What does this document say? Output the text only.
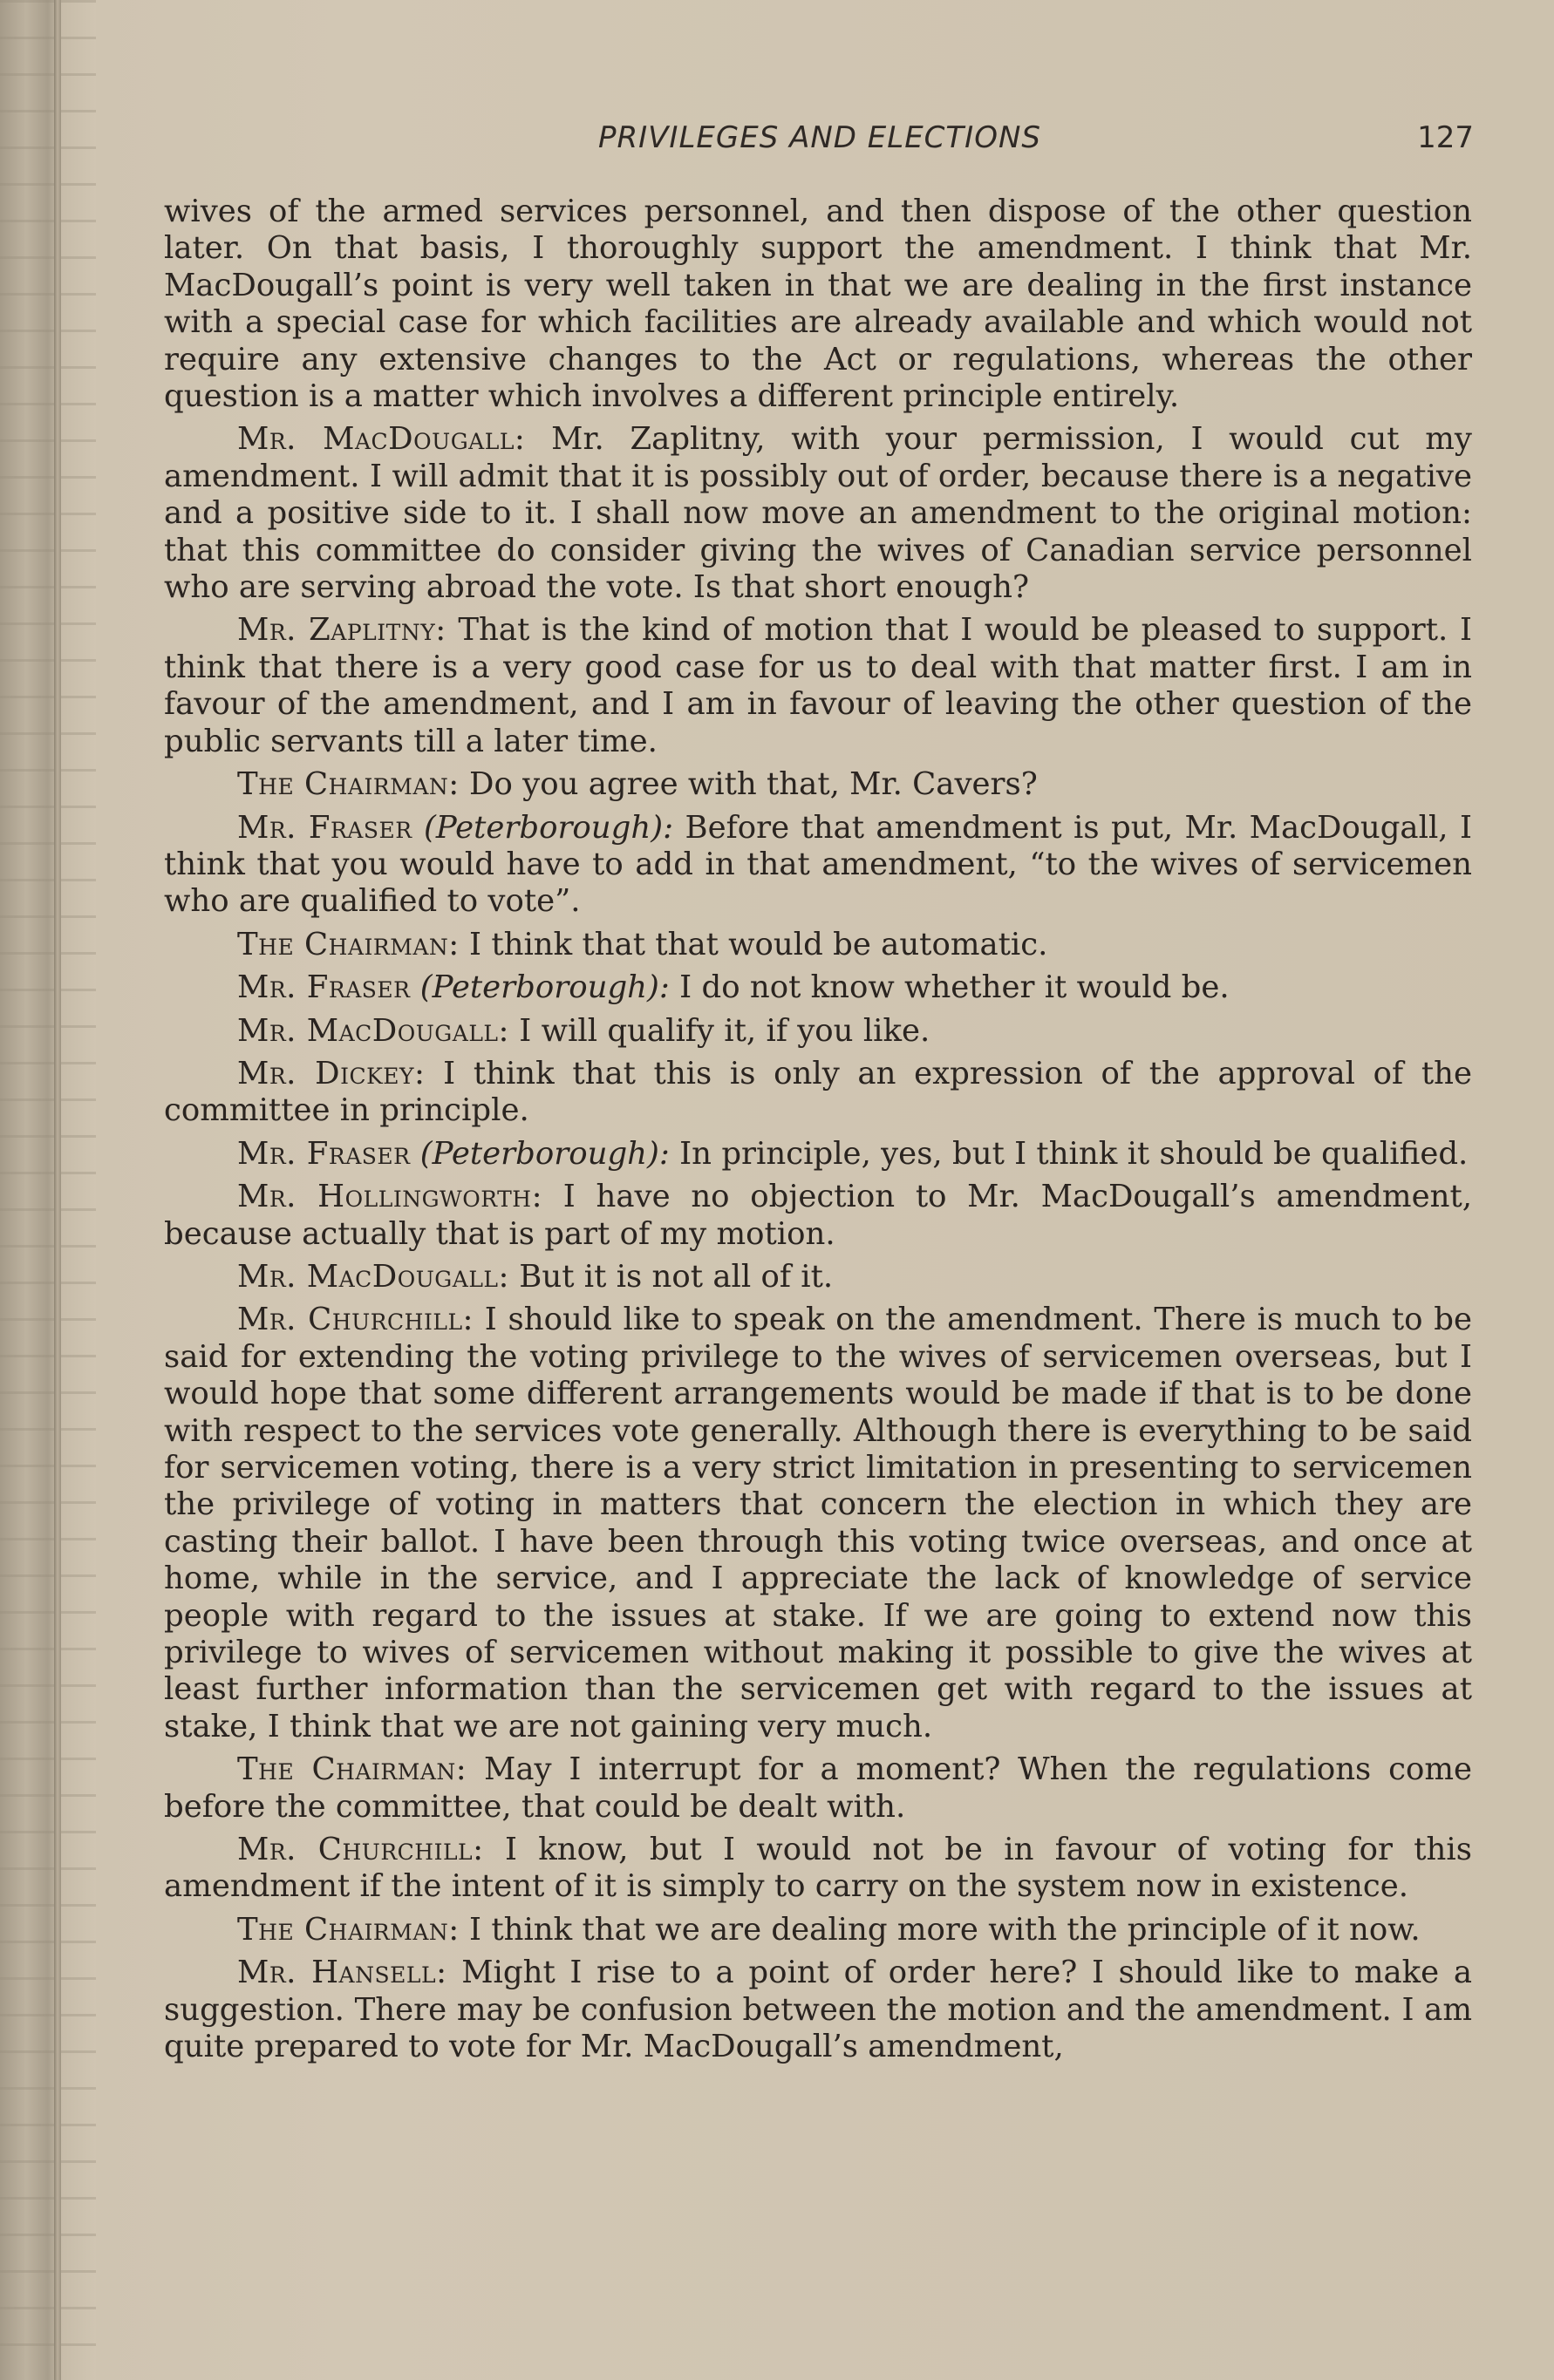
PRIVILEGES AND ELECTIONS	127

wives of the armed services personnel, and then dispose of the other question later. On that basis, I thoroughly support the amendment. I think that Mr. MacDougall’s point is very well taken in that we are dealing in the first instance with a special case for which facilities are already available and which would not require any extensive changes to the Act or regulations, whereas the other question is a matter which involves a different principle entirely.

Mr. MacDougall: Mr. Zaplitny, with your permission, I would cut my amendment. I will admit that it is possibly out of order, because there is a negative and a positive side to it. I shall now move an amendment to the original motion: that this committee do consider giving the wives of Canadian service personnel who are serving abroad the vote. Is that short enough?

Mr. Zaplitny: That is the kind of motion that I would be pleased to support. I think that there is a very good case for us to deal with that matter first. I am in favour of the amendment, and I am in favour of leaving the other question of the public servants till a later time.

The Chairman: Do you agree with that, Mr. Cavers?

Mr. Fraser (Peterborough): Before that amendment is put, Mr. MacDougall, I think that you would have to add in that amendment, “to the wives of servicemen who are qualified to vote”.

The Chairman: I think that that would be automatic.

Mr. Fraser (Peterborough): I do not know whether it would be.

Mr. MacDougall: I will qualify it, if you like.

Mr. Dickey: I think that this is only an expression of the approval of the committee in principle.

Mr. Fraser (Peterborough): In principle, yes, but I think it should be qualified.

Mr. Hollingworth: I have no objection to Mr. MacDougall’s amendment, because actually that is part of my motion.

Mr. MacDougall: But it is not all of it.

Mr. Churchill: I should like to speak on the amendment. There is much to be said for extending the voting privilege to the wives of servicemen overseas, but I would hope that some different arrangements would be made if that is to be done with respect to the services vote generally. Although there is everything to be said for servicemen voting, there is a very strict limitation in presenting to servicemen the privilege of voting in matters that concern the election in which they are casting their ballot. I have been through this voting twice overseas, and once at home, while in the service, and I appreciate the lack of knowledge of service people with regard to the issues at stake. If we are going to extend now this privilege to wives of servicemen without making it possible to give the wives at least further information than the servicemen get with regard to the issues at stake, I think that we are not gaining very much.

The Chairman: May I interrupt for a moment? When the regulations come before the committee, that could be dealt with.

Mr. Churchill: I know, but I would not be in favour of voting for this amendment if the intent of it is simply to carry on the system now in existence.

The Chairman: I think that we are dealing more with the principle of it now.

Mr. Hansell: Might I rise to a point of order here? I should like to make a suggestion. There may be confusion between the motion and the amendment. I am quite prepared to vote for Mr. MacDougall’s amendment,
